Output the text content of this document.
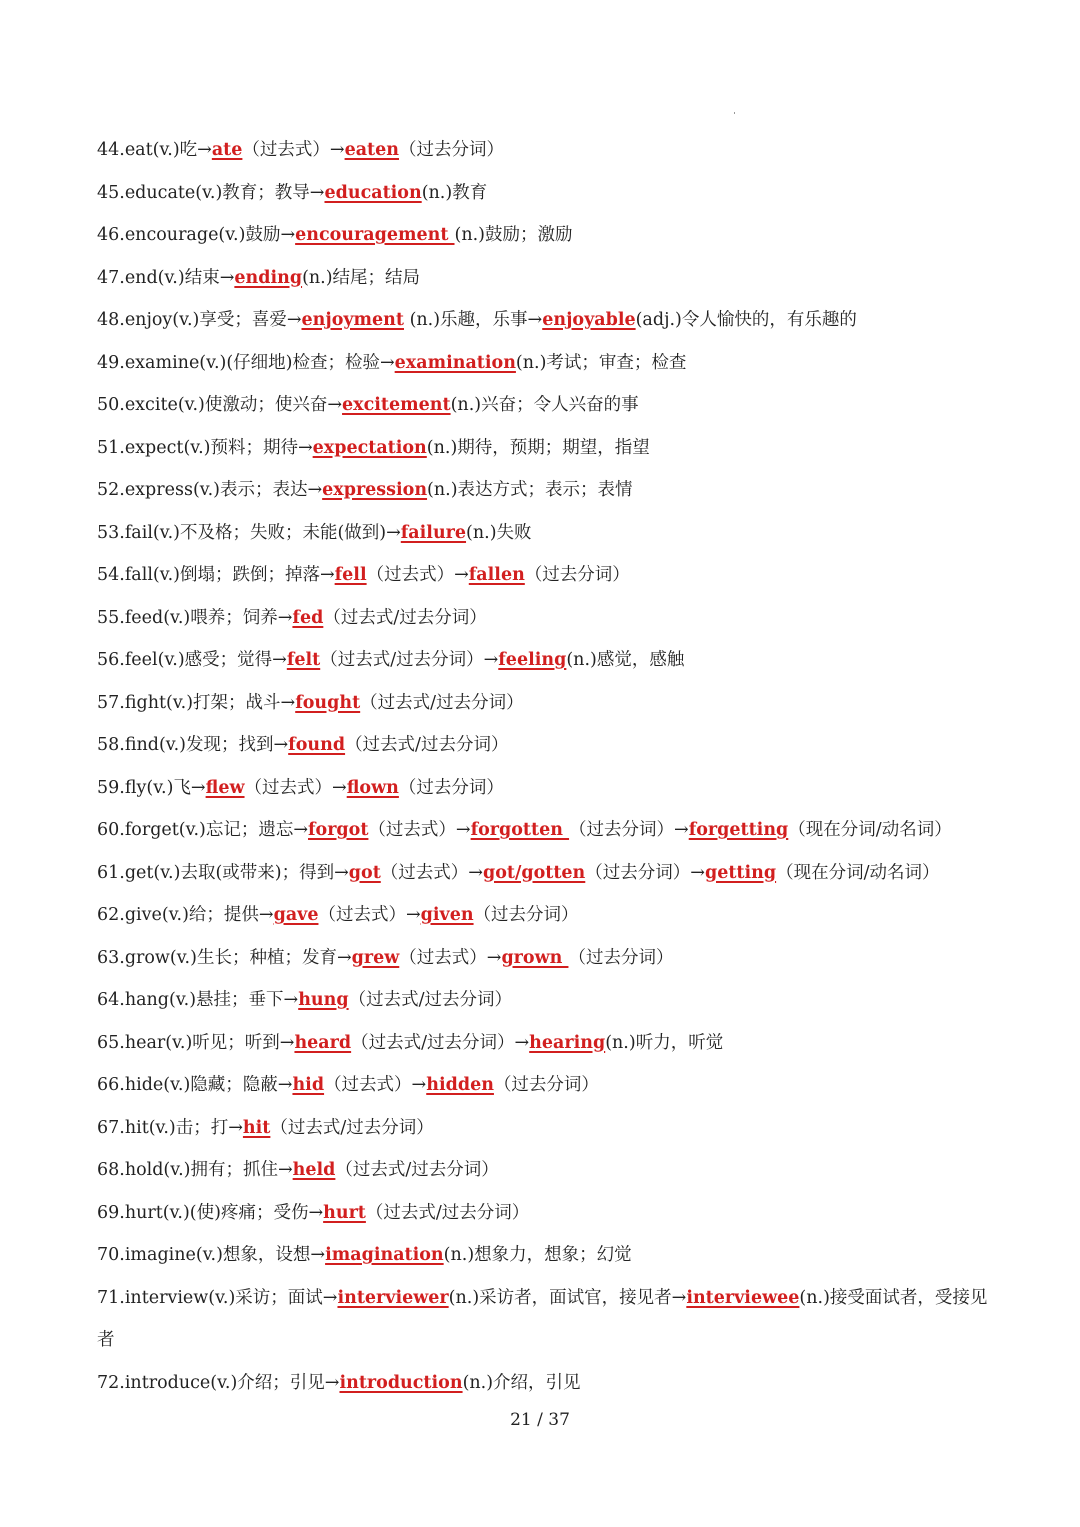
44.eat(v.)吃→ate（过去式）→eaten（过去分词）
45.educate(v.)教育；教导→education(n.)教育
46.encourage(v.)鼓励→encouragement (n.)鼓励；激励
47.end(v.)结束→ending(n.)结尾；结局
48.enjoy(v.)享受；喜爱→enjoyment (n.)乐趣，乐事→enjoyable(adj.)令人愉快的，有乐趣的
49.examine(v.)(仔细地)检查；检验→examination(n.)考试；审查；检查
50.excite(v.)使激动；使兴奋→excitement(n.)兴奋；令人兴奋的事
51.expect(v.)预料；期待→expectation(n.)期待，预期；期望，指望
52.express(v.)表示；表达→expression(n.)表达方式；表示；表情
53.fail(v.)不及格；失败；未能(做到)→failure(n.)失败
54.fall(v.)倒塌；跌倒；掉落→fell（过去式）→fallen（过去分词）
55.feed(v.)喂养；饲养→fed（过去式/过去分词）
56.feel(v.)感受；觉得→felt（过去式/过去分词）→feeling(n.)感觉，感触
57.fight(v.)打架；战斗→fought（过去式/过去分词）
58.find(v.)发现；找到→found（过去式/过去分词）
59.fly(v.)飞→flew（过去式）→flown（过去分词）
60.forget(v.)忘记；遗忘→forgot（过去式）→forgotten （过去分词）→forgetting（现在分词/动名词）
61.get(v.)去取(或带来)；得到→got（过去式）→got/gotten（过去分词）→getting（现在分词/动名词）
62.give(v.)给；提供→gave（过去式）→given（过去分词）
63.grow(v.)生长；种植；发育→grew（过去式）→grown （过去分词）
64.hang(v.)悬挂；垂下→hung（过去式/过去分词）
65.hear(v.)听见；听到→heard（过去式/过去分词）→hearing(n.)听力，听觉
66.hide(v.)隐藏；隐蔽→hid（过去式）→hidden（过去分词）
67.hit(v.)击；打→hit（过去式/过去分词）
68.hold(v.)拥有；抓住→held（过去式/过去分词）
69.hurt(v.)(使)疼痛；受伤→hurt（过去式/过去分词）
70.imagine(v.)想象，设想→imagination(n.)想象力，想象；幻觉
71.interview(v.)采访；面试→interviewer(n.)采访者，面试官，接见者→interviewee(n.)接受面试者，受接见
者
72.introduce(v.)介绍；引见→introduction(n.)介绍，引见
21 / 37
